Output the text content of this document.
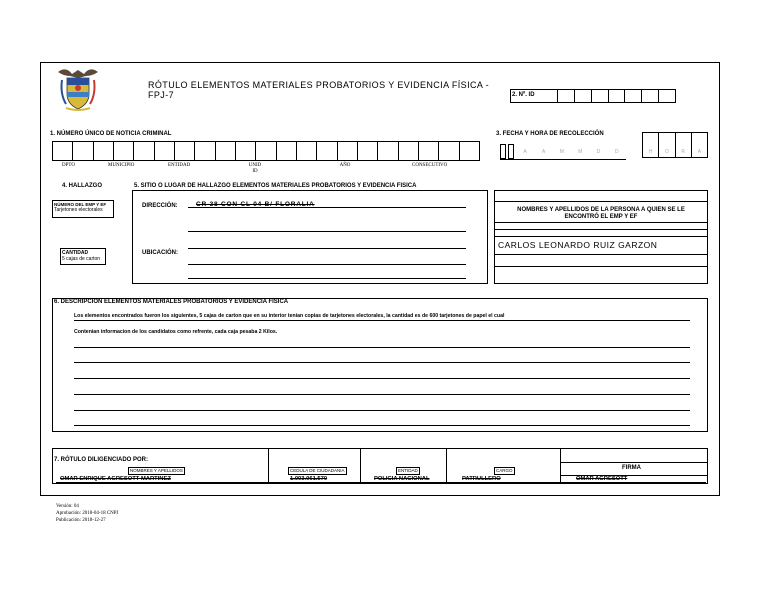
RÓTULO ELEMENTOS MATERIALES PROBATORIOS Y EVIDENCIA FÍSICA - FPJ-7	2. Nº. ID
1. NÚMERO ÚNICO DE NOTICIA CRIMINAL
DPTO	MUNICIPIO	ENTIDAD	UNID ID
AÑO	CONSECUTIVO
3. FECHA Y HORA DE RECOLECCIÓN
A	A	M	M	D	D	H	O	R	A
4. HALLAZGO
NÚMERO DEL EMP Y EF
Tarjetones electorales
CANTIDAD
5 cajas de carton
5. SITIO O LUGAR DE HALLAZGO ELEMENTOS MATERIALES PROBATORIOS Y EVIDENCIA FISICA
DIRECCIÓN:	CR 38 CON CL 04 B/ FLORALIA
UBICACIÓN:
NOMBRES Y APELLIDOS DE LA PERSONA A QUIEN SE LE ENCONTRÓ EL EMP Y EF
CARLOS LEONARDO RUIZ GARZON
6. DESCRIPCION ELEMENTOS MATERIALES PROBATORIOS Y EVIDENCIA FISICA
Los elementos encontrados fueron los siguientes, 5 cajas de carton que en su interior tenian copias de tarjetones electorales, la cantidad es de 600 tarjetones de papel el cual
Contenian informacion de los candidatos como refrente, cada caja pesaba 2 Kilos.
7. RÓTULO DILIGENCIADO POR:
NOMBRES Y APELLIDOS	CEDULA DE CIUDADANIA	ENTIDAD	CARGO	FIRMA
OMAR ENRIQUE AGRESOTT MARTINEZ	1.003.061.570	POLICIA NACIONAL	PATRULLERO	OMAR AGRESOTT
Versión: 04
Aprobación: 2018-04-18 CNPJ
Publicación: 2018-12-27
